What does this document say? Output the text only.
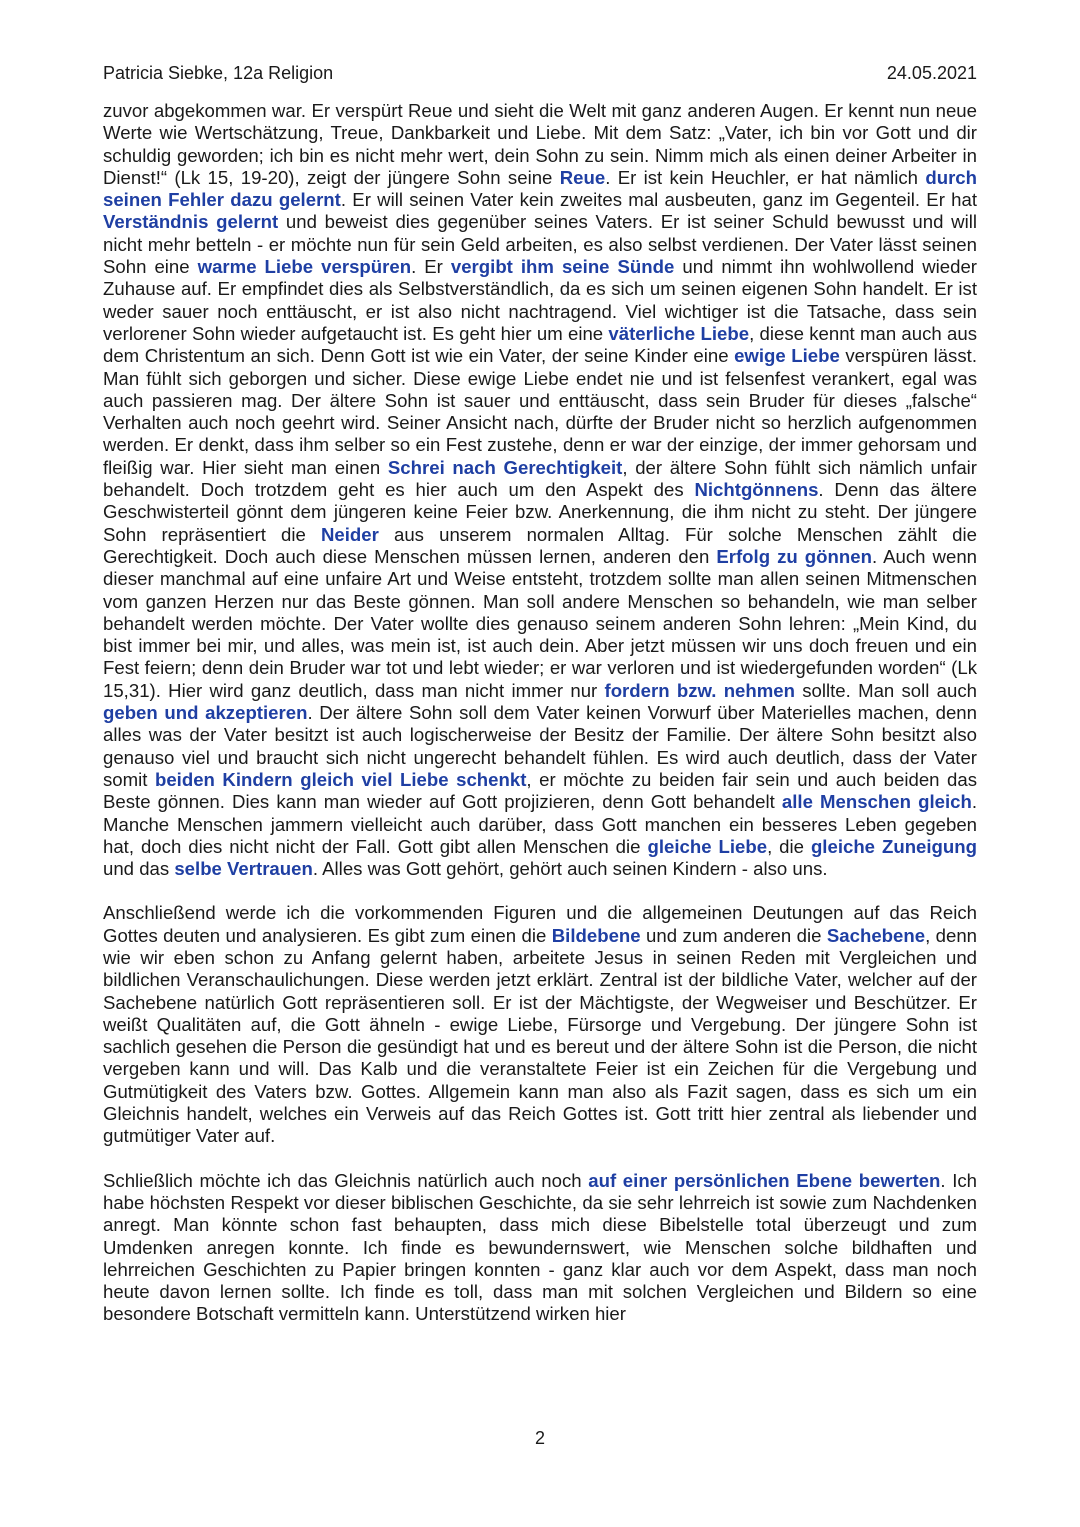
Patricia Siebke, 12a Religion	24.05.2021

zuvor abgekommen war. Er verspürt Reue und sieht die Welt mit ganz anderen Augen. Er kennt nun neue Werte wie Wertschätzung, Treue, Dankbarkeit und Liebe. Mit dem Satz: „Vater, ich bin vor Gott und dir schuldig geworden; ich bin es nicht mehr wert, dein Sohn zu sein. Nimm mich als einen deiner Arbeiter in Dienst!“ (Lk 15, 19-20), zeigt der jüngere Sohn seine Reue. Er ist kein Heuchler, er hat nämlich durch seinen Fehler dazu gelernt. Er will seinen Vater kein zweites mal ausbeuten, ganz im Gegenteil. Er hat Verständnis gelernt und beweist dies gegenüber seines Vaters. Er ist seiner Schuld bewusst und will nicht mehr betteln - er möchte nun für sein Geld arbeiten, es also selbst verdienen. Der Vater lässt seinen Sohn eine warme Liebe verspüren. Er vergibt ihm seine Sünde und nimmt ihn wohlwollend wieder Zuhause auf. Er empfindet dies als Selbstverständlich, da es sich um seinen eigenen Sohn handelt. Er ist weder sauer noch enttäuscht, er ist also nicht nachtragend. Viel wichtiger ist die Tatsache, dass sein verlorener Sohn wieder aufgetaucht ist. Es geht hier um eine väterliche Liebe, diese kennt man auch aus dem Christentum an sich. Denn Gott ist wie ein Vater, der seine Kinder eine ewige Liebe verspüren lässt. Man fühlt sich geborgen und sicher. Diese ewige Liebe endet nie und ist felsenfest verankert, egal was auch passieren mag. Der ältere Sohn ist sauer und enttäuscht, dass sein Bruder für dieses „falsche“ Verhalten auch noch geehrt wird. Seiner Ansicht nach, dürfte der Bruder nicht so herzlich aufgenommen werden. Er denkt, dass ihm selber so ein Fest zustehe, denn er war der einzige, der immer gehorsam und fleißig war. Hier sieht man einen Schrei nach Gerechtigkeit, der ältere Sohn fühlt sich nämlich unfair behandelt. Doch trotzdem geht es hier auch um den Aspekt des Nichtgönnens. Denn das ältere Geschwisterteil gönnt dem jüngeren keine Feier bzw. Anerkennung, die ihm nicht zu steht. Der jüngere Sohn repräsentiert die Neider aus unserem normalen Alltag. Für solche Menschen zählt die Gerechtigkeit. Doch auch diese Menschen müssen lernen, anderen den Erfolg zu gönnen. Auch wenn dieser manchmal auf eine unfaire Art und Weise entsteht, trotzdem sollte man allen seinen Mitmenschen vom ganzen Herzen nur das Beste gönnen. Man soll andere Menschen so behandeln, wie man selber behandelt werden möchte. Der Vater wollte dies genauso seinem anderen Sohn lehren: „Mein Kind, du bist immer bei mir, und alles, was mein ist, ist auch dein. Aber jetzt müssen wir uns doch freuen und ein Fest feiern; denn dein Bruder war tot und lebt wieder; er war verloren und ist wiedergefunden worden“ (Lk 15,31). Hier wird ganz deutlich, dass man nicht immer nur fordern bzw. nehmen sollte. Man soll auch geben und akzeptieren. Der ältere Sohn soll dem Vater keinen Vorwurf über Materielles machen, denn alles was der Vater besitzt ist auch logischerweise der Besitz der Familie. Der ältere Sohn besitzt also genauso viel und braucht sich nicht ungerecht behandelt fühlen. Es wird auch deutlich, dass der Vater somit beiden Kindern gleich viel Liebe schenkt, er möchte zu beiden fair sein und auch beiden das Beste gönnen. Dies kann man wieder auf Gott projizieren, denn Gott behandelt alle Menschen gleich. Manche Menschen jammern vielleicht auch darüber, dass Gott manchen ein besseres Leben gegeben hat, doch dies nicht nicht der Fall. Gott gibt allen Menschen die gleiche Liebe, die gleiche Zuneigung und das selbe Vertrauen. Alles was Gott gehört, gehört auch seinen Kindern - also uns.

Anschließend werde ich die vorkommenden Figuren und die allgemeinen Deutungen auf das Reich Gottes deuten und analysieren. Es gibt zum einen die Bildebene und zum anderen die Sachebene, denn wie wir eben schon zu Anfang gelernt haben, arbeitete Jesus in seinen Reden mit Vergleichen und bildlichen Veranschaulichungen. Diese werden jetzt erklärt. Zentral ist der bildliche Vater, welcher auf der Sachebene natürlich Gott repräsentieren soll. Er ist der Mächtigste, der Wegweiser und Beschützer. Er weißt Qualitäten auf, die Gott ähneln - ewige Liebe, Fürsorge und Vergebung. Der jüngere Sohn ist sachlich gesehen die Person die gesündigt hat und es bereut und der ältere Sohn ist die Person, die nicht vergeben kann und will. Das Kalb und die veranstaltete Feier ist ein Zeichen für die Vergebung und Gutmütigkeit des Vaters bzw. Gottes. Allgemein kann man also als Fazit sagen, dass es sich um ein Gleichnis handelt, welches ein Verweis auf das Reich Gottes ist. Gott tritt hier zentral als liebender und gutmütiger Vater auf.

Schließlich möchte ich das Gleichnis natürlich auch noch auf einer persönlichen Ebene bewerten. Ich habe höchsten Respekt vor dieser biblischen Geschichte, da sie sehr lehrreich ist sowie zum Nachdenken anregt. Man könnte schon fast behaupten, dass mich diese Bibelstelle total überzeugt und zum Umdenken anregen konnte. Ich finde es bewundernswert, wie Menschen solche bildhaften und lehrreichen Geschichten zu Papier bringen konnten - ganz klar auch vor dem Aspekt, dass man noch heute davon lernen sollte. Ich finde es toll, dass man mit solchen Vergleichen und Bildern so eine besondere Botschaft vermitteln kann. Unterstützend wirken hier

2
